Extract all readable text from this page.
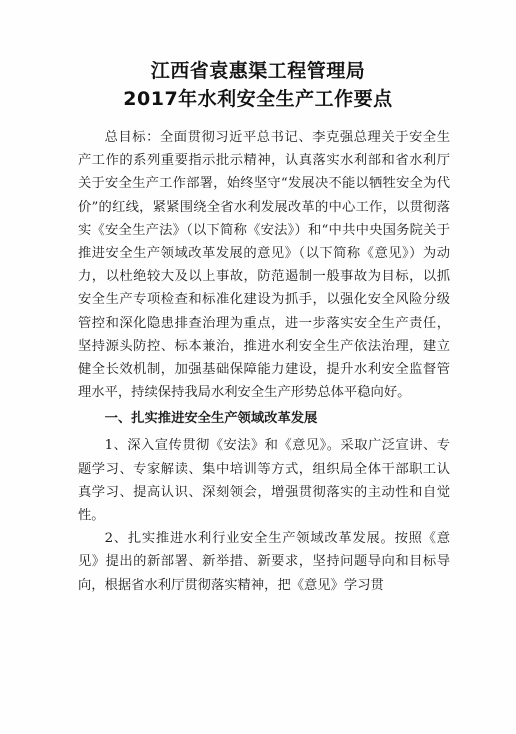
江西省袁惠渠工程管理局
2017年水利安全生产工作要点

总目标：全面贯彻习近平总书记、李克强总理关于安全生产工作的系列重要指示批示精神，认真落实水利部和省水利厅关于安全生产工作部署，始终坚守“发展决不能以牺牲安全为代价”的红线，紧紧围绕全省水利发展改革的中心工作，以贯彻落实《安全生产法》（以下简称《安法》）和“中共中央国务院关于推进安全生产领域改革发展的意见》（以下简称《意见》）为动力，以杜绝较大及以上事故，防范遏制一般事故为目标，以抓安全生产专项检查和标准化建设为抓手，以强化安全风险分级管控和深化隐患排查治理为重点，进一步落实安全生产责任，坚持源头防控、标本兼治，推进水利安全生产依法治理，建立健全长效机制，加强基础保障能力建设，提升水利安全监督管理水平，持续保持我局水利安全生产形势总体平稳向好。

一、扎实推进安全生产领域改革发展

1、深入宣传贯彻《安法》和《意见》。采取广泛宣讲、专题学习、专家解读、集中培训等方式，组织局全体干部职工认真学习、提高认识、深刻领会，增强贯彻落实的主动性和自觉性。

2、扎实推进水利行业安全生产领域改革发展。按照《意见》提出的新部署、新举措、新要求，坚持问题导向和目标导向，根据省水利厅贯彻落实精神，把《意见》学习贯
